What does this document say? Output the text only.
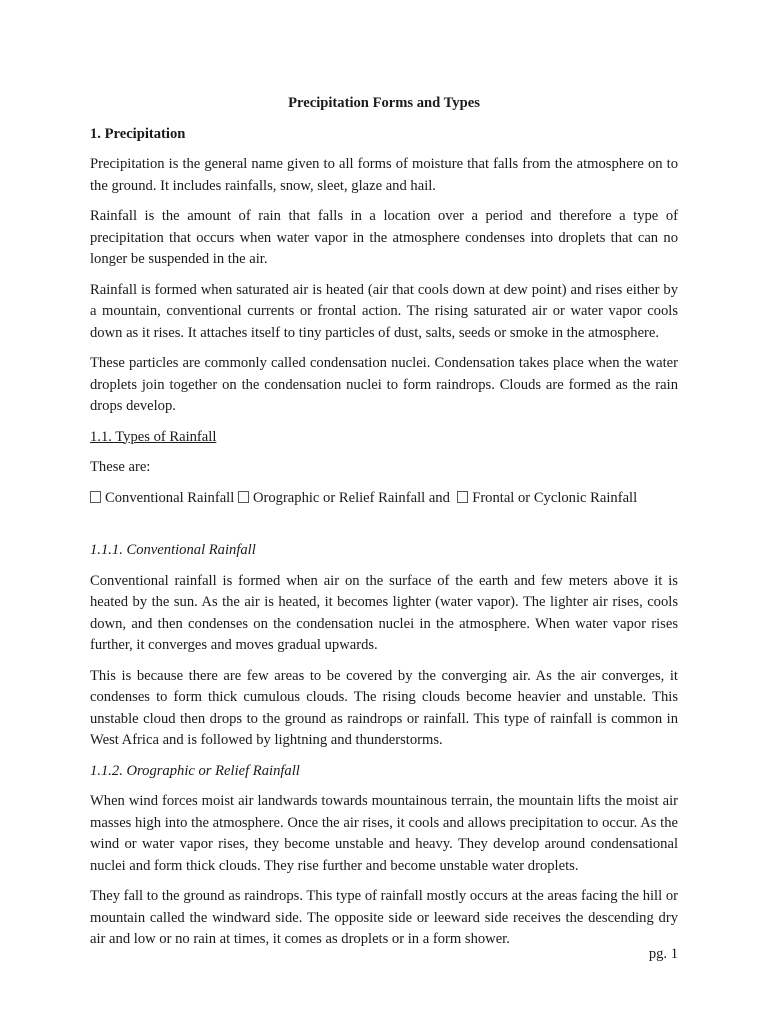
Precipitation Forms and Types
1. Precipitation

Precipitation is the general name given to all forms of moisture that falls from the atmosphere on to the ground. It includes rainfalls, snow, sleet, glaze and hail.

Rainfall is the amount of rain that falls in a location over a period and therefore a type of precipitation that occurs when water vapor in the atmosphere condenses into droplets that can no longer be suspended in the air.

Rainfall is formed when saturated air is heated (air that cools down at dew point) and rises either by a mountain, conventional currents or frontal action. The rising saturated air or water vapor cools down as it rises. It attaches itself to tiny particles of dust, salts, seeds or smoke in the atmosphere.

These particles are commonly called condensation nuclei. Condensation takes place when the water droplets join together on the condensation nuclei to form raindrops. Clouds are formed as the rain drops develop.

1.1. Types of Rainfall

These are:

Conventional Rainfall Orographic or Relief Rainfall and Frontal or Cyclonic Rainfall
1.1.1. Conventional Rainfall

Conventional rainfall is formed when air on the surface of the earth and few meters above it is heated by the sun. As the air is heated, it becomes lighter (water vapor). The lighter air rises, cools down, and then condenses on the condensation nuclei in the atmosphere. When water vapor rises further, it converges and moves gradual upwards.

This is because there are few areas to be covered by the converging air. As the air converges, it condenses to form thick cumulous clouds. The rising clouds become heavier and unstable. This unstable cloud then drops to the ground as raindrops or rainfall. This type of rainfall is common in West Africa and is followed by lightning and thunderstorms.

1.1.2. Orographic or Relief Rainfall

When wind forces moist air landwards towards mountainous terrain, the mountain lifts the moist air masses high into the atmosphere. Once the air rises, it cools and allows precipitation to occur. As the wind or water vapor rises, they become unstable and heavy. They develop around condensational nuclei and form thick clouds. They rise further and become unstable water droplets.

They fall to the ground as raindrops. This type of rainfall mostly occurs at the areas facing the hill or mountain called the windward side. The opposite side or leeward side receives the descending dry air and low or no rain at times, it comes as droplets or in a form shower.

pg. 1
